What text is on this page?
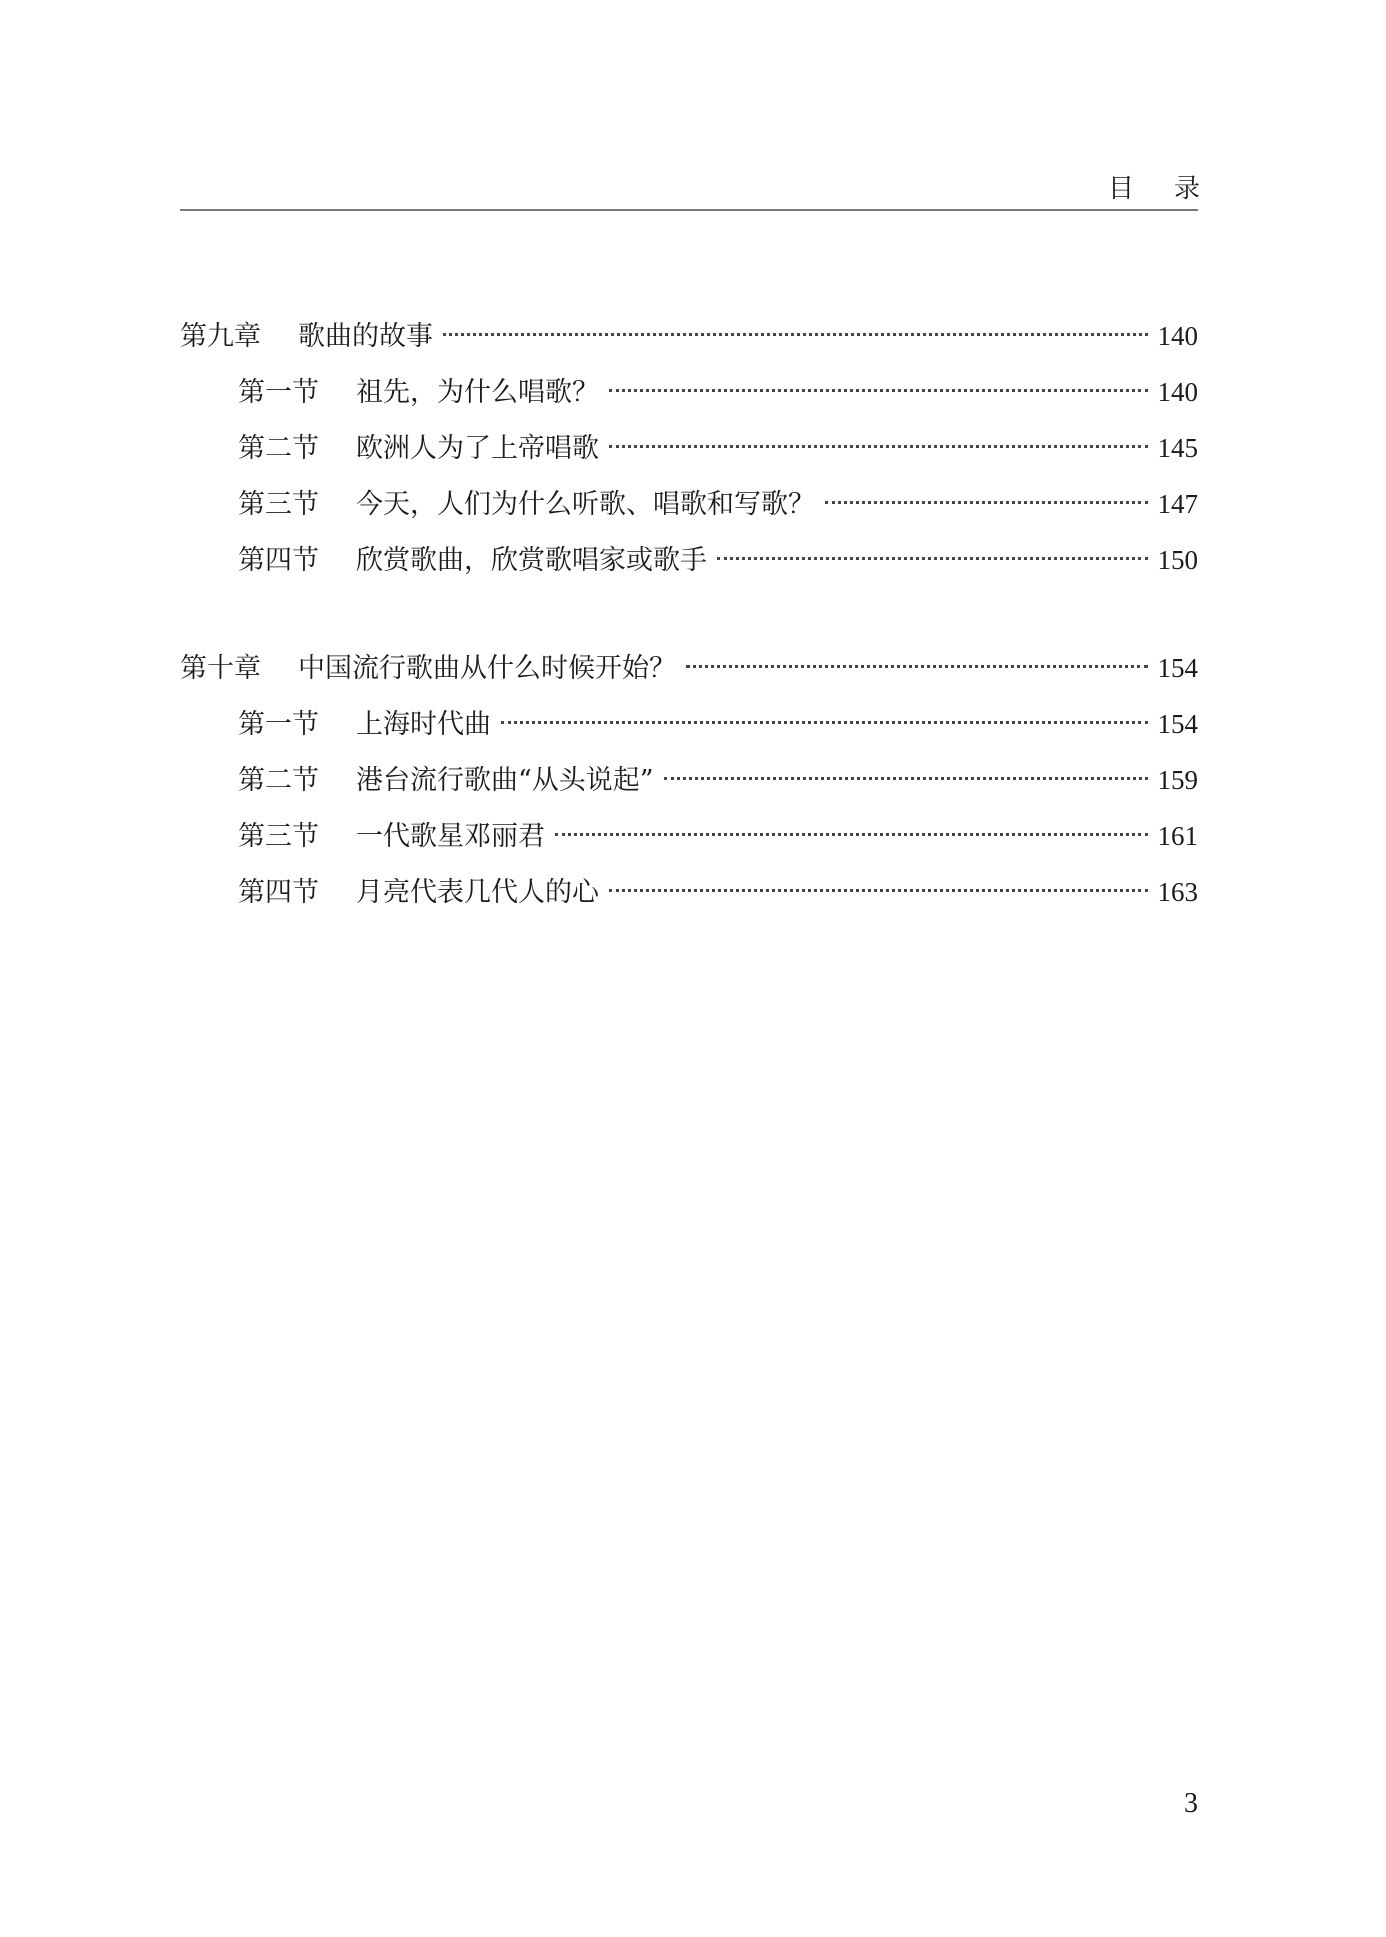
目录
第九章	歌曲的故事	140
第一节	祖先，为什么唱歌？	140
第二节	欧洲人为了上帝唱歌	145
第三节	今天，人们为什么听歌、唱歌和写歌？	147
第四节	欣赏歌曲，欣赏歌唱家或歌手	150
第十章	中国流行歌曲从什么时候开始？	154
第一节	上海时代曲	154
第二节	港台流行歌曲“从头说起”	159
第三节	一代歌星邓丽君	161
第四节	月亮代表几代人的心	163
3
